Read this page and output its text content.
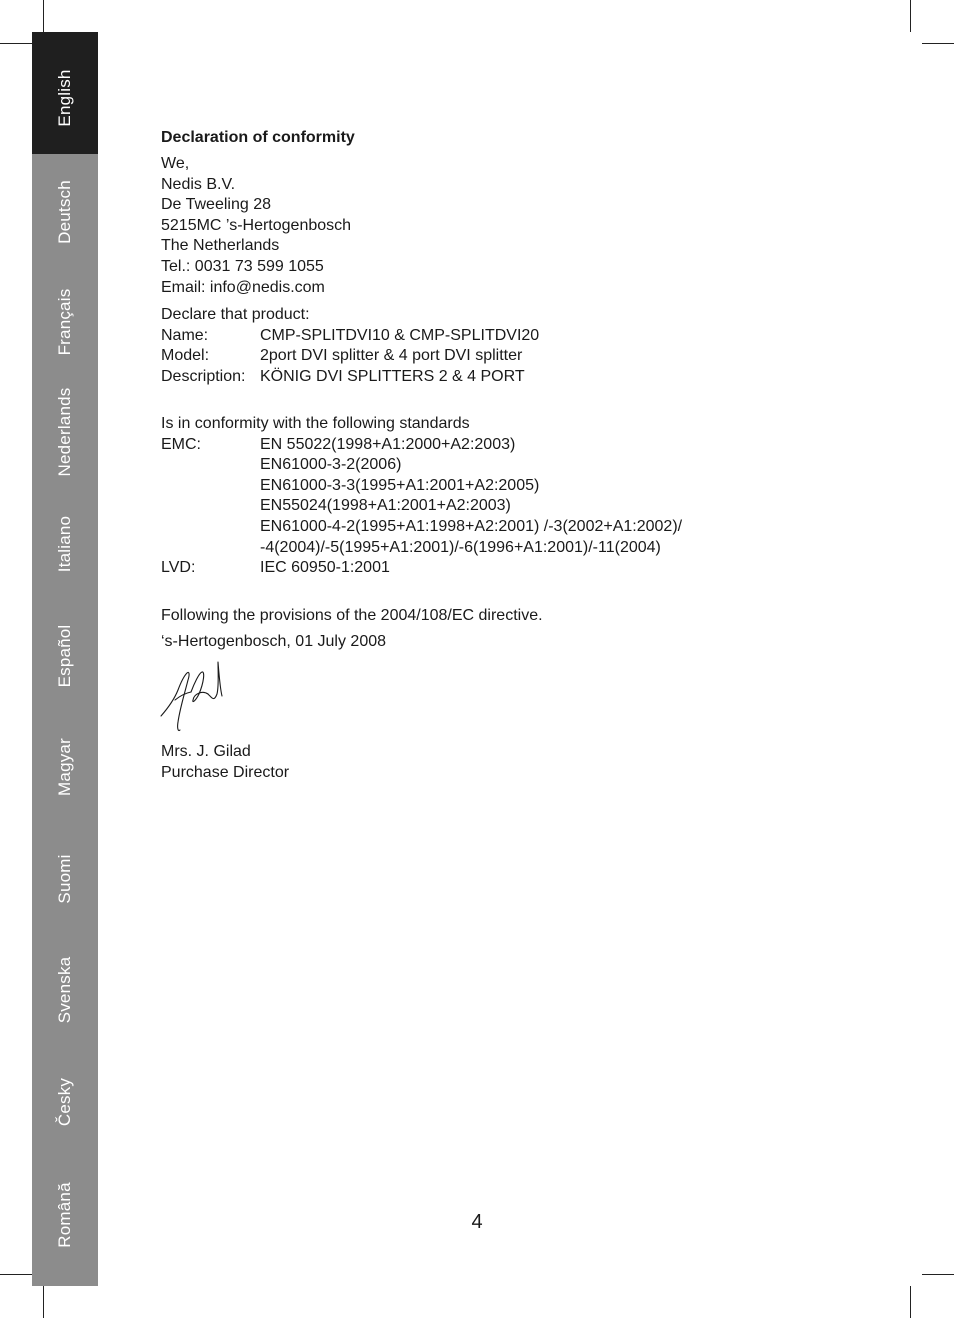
English
Deutsch
Français
Nederlands
Italiano
Español
Magyar
Suomi
Svenska
Česky
Română
Declaration of conformity
We,
Nedis B.V.
De Tweeling 28
5215MC ’s-Hertogenbosch
The Netherlands
Tel.: 0031 73 599 1055
Email: info@nedis.com
Declare that product:
Name:	CMP-SPLITDVI10 & CMP-SPLITDVI20
Model:	2port DVI splitter & 4 port DVI splitter
Description: KÖNIG DVI SPLITTERS 2 & 4 PORT
Is in conformity with the following standards
EMC:	EN 55022(1998+A1:2000+A2:2003)
EN61000-3-2(2006)
EN61000-3-3(1995+A1:2001+A2:2005)
EN55024(1998+A1:2001+A2:2003)
EN61000-4-2(1995+A1:1998+A2:2001) /-3(2002+A1:2002)/
-4(2004)/-5(1995+A1:2001)/-6(1996+A1:2001)/-11(2004)
LVD:	IEC 60950-1:2001
Following the provisions of the 2004/108/EC directive.
‘s-Hertogenbosch, 01 July 2008
Mrs. J. Gilad
Purchase Director
4
